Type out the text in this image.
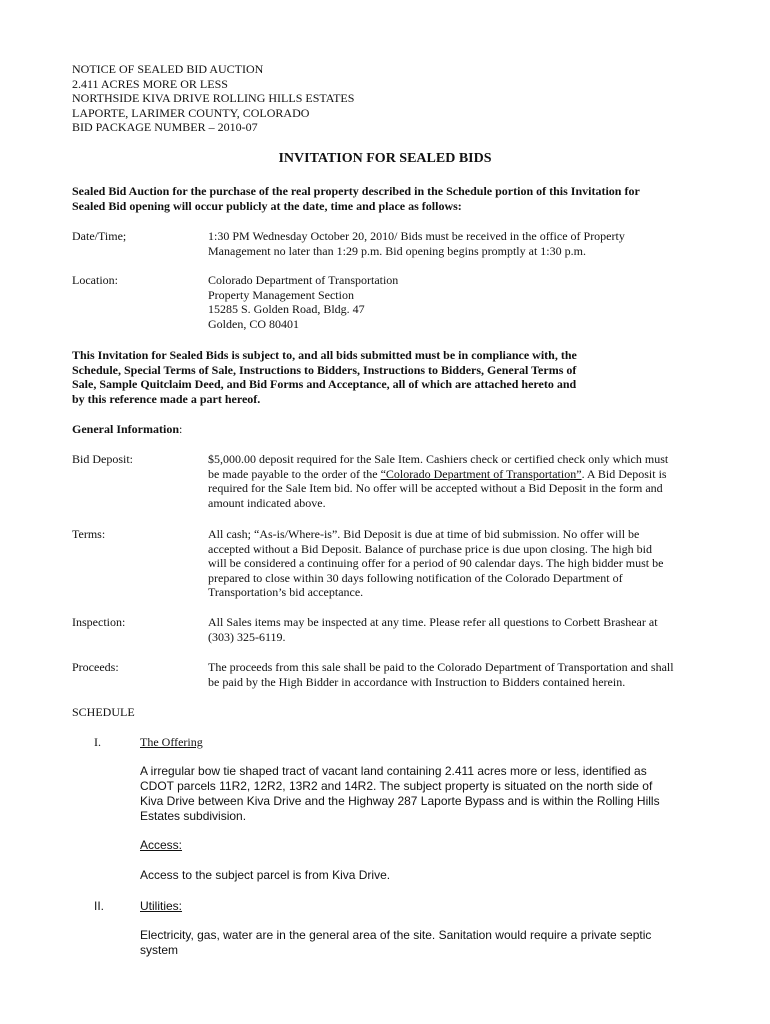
NOTICE OF SEALED BID AUCTION
2.411 ACRES MORE OR LESS
NORTHSIDE KIVA DRIVE ROLLING HILLS ESTATES
LAPORTE, LARIMER COUNTY, COLORADO
BID PACKAGE NUMBER – 2010-07
INVITATION FOR SEALED BIDS
Sealed Bid Auction for the purchase of the real property described in the Schedule portion of this Invitation for
Sealed Bid opening will occur publicly at the date, time and place as follows:
Date/Time;	1:30 PM Wednesday October 20, 2010/ Bids must be received in the office of Property
Management no later than 1:29 p.m. Bid opening begins promptly at 1:30 p.m.
Location:	Colorado Department of Transportation
Property Management Section
15285 S. Golden Road, Bldg. 47
Golden, CO 80401
This Invitation for Sealed Bids is subject to, and all bids submitted must be in compliance with, the
Schedule, Special Terms of Sale, Instructions to Bidders, Instructions to Bidders, General Terms of
Sale, Sample Quitclaim Deed, and Bid Forms and Acceptance, all of which are attached hereto and
by this reference made a part hereof.
General Information:
Bid Deposit:	$5,000.00 deposit required for the Sale Item. Cashiers check or certified check only which must
be made payable to the order of the “Colorado Department of Transportation”. A Bid Deposit is
required for the Sale Item bid. No offer will be accepted without a Bid Deposit in the form and
amount indicated above.
Terms:	All cash; “As-is/Where-is”. Bid Deposit is due at time of bid submission. No offer will be
accepted without a Bid Deposit. Balance of purchase price is due upon closing. The high bid
will be considered a continuing offer for a period of 90 calendar days. The high bidder must be
prepared to close within 30 days following notification of the Colorado Department of
Transportation’s bid acceptance.
Inspection:	All Sales items may be inspected at any time. Please refer all questions to Corbett Brashear at
(303) 325-6119.
Proceeds:	The proceeds from this sale shall be paid to the Colorado Department of Transportation and shall
be paid by the High Bidder in accordance with Instruction to Bidders contained herein.
SCHEDULE
I.	The Offering
A irregular bow tie shaped tract of vacant land containing 2.411 acres more or less, identified as
CDOT parcels 11R2, 12R2, 13R2 and 14R2. The subject property is situated on the north side of
Kiva Drive between Kiva Drive and the Highway 287 Laporte Bypass and is within the Rolling Hills
Estates subdivision.
Access:
Access to the subject parcel is from Kiva Drive.
II.	Utilities:
Electricity, gas, water are in the general area of the site. Sanitation would require a private septic
system
